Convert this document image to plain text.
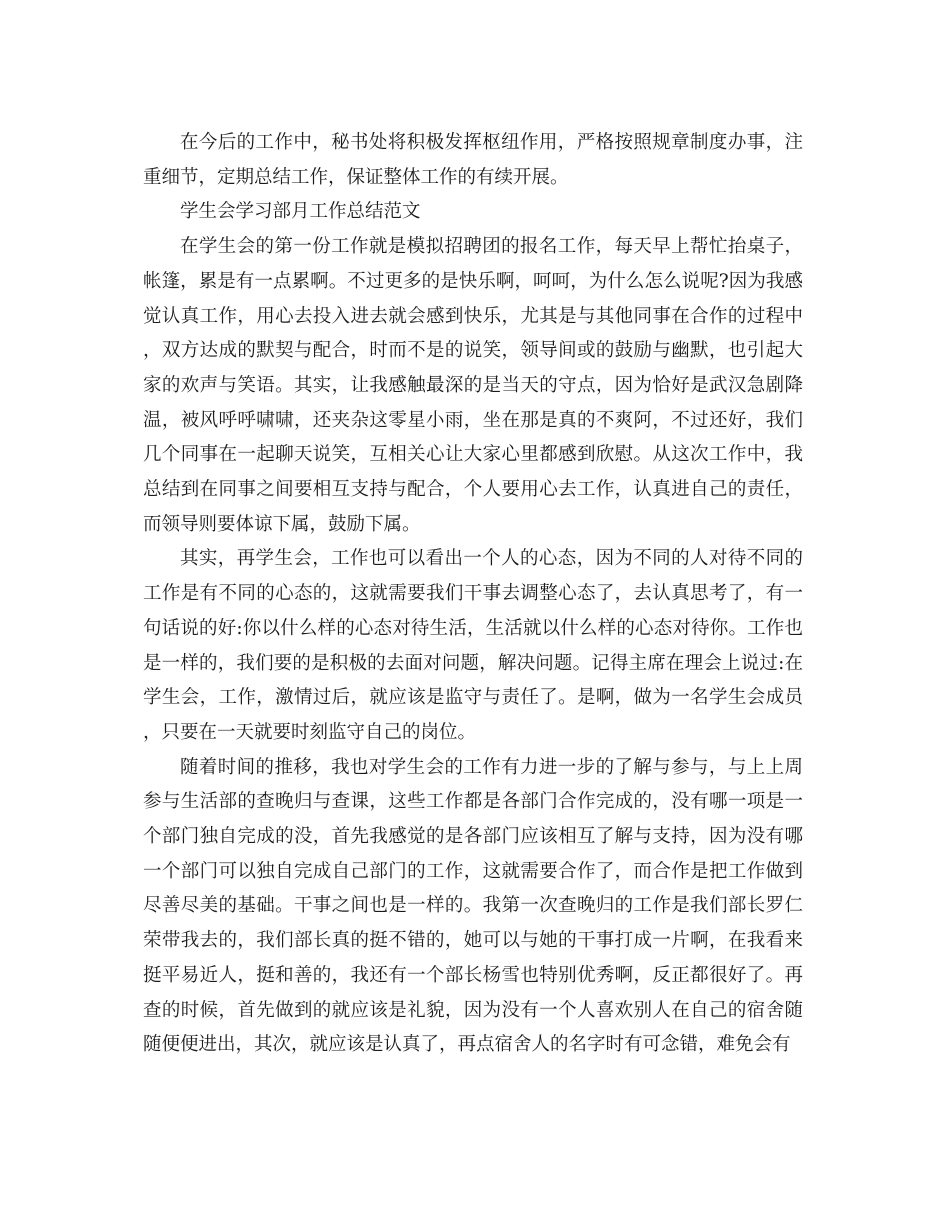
在今后的工作中，秘书处将积极发挥枢纽作用，严格按照规章制度办事，注重细节，定期总结工作，保证整体工作的有续开展。

学生会学习部月工作总结范文

在学生会的第一份工作就是模拟招聘团的报名工作，每天早上帮忙抬桌子，帐篷，累是有一点累啊。不过更多的是快乐啊，呵呵，为什么怎么说呢?因为我感觉认真工作，用心去投入进去就会感到快乐，尤其是与其他同事在合作的过程中，双方达成的默契与配合，时而不是的说笑，领导间或的鼓励与幽默，也引起大家的欢声与笑语。其实，让我感触最深的是当天的守点，因为恰好是武汉急剧降温，被风呼呼啸啸，还夹杂这零星小雨，坐在那是真的不爽阿，不过还好，我们几个同事在一起聊天说笑，互相关心让大家心里都感到欣慰。从这次工作中，我总结到在同事之间要相互支持与配合，个人要用心去工作，认真进自己的责任，而领导则要体谅下属，鼓励下属。

其实，再学生会，工作也可以看出一个人的心态，因为不同的人对待不同的工作是有不同的心态的，这就需要我们干事去调整心态了，去认真思考了，有一句话说的好:你以什么样的心态对待生活，生活就以什么样的心态对待你。工作也是一样的，我们要的是积极的去面对问题，解决问题。记得主席在理会上说过:在学生会，工作，激情过后，就应该是监守与责任了。是啊，做为一名学生会成员，只要在一天就要时刻监守自己的岗位。

随着时间的推移，我也对学生会的工作有力进一步的了解与参与，与上上周参与生活部的查晚归与查课，这些工作都是各部门合作完成的，没有哪一项是一个部门独自完成的没，首先我感觉的是各部门应该相互了解与支持，因为没有哪一个部门可以独自完成自己部门的工作，这就需要合作了，而合作是把工作做到尽善尽美的基础。干事之间也是一样的。我第一次查晚归的工作是我们部长罗仁荣带我去的，我们部长真的挺不错的，她可以与她的干事打成一片啊，在我看来挺平易近人，挺和善的，我还有一个部长杨雪也特别优秀啊，反正都很好了。再查的时候，首先做到的就应该是礼貌，因为没有一个人喜欢别人在自己的宿舍随随便便进出，其次，就应该是认真了，再点宿舍人的名字时有可念错，难免会有
